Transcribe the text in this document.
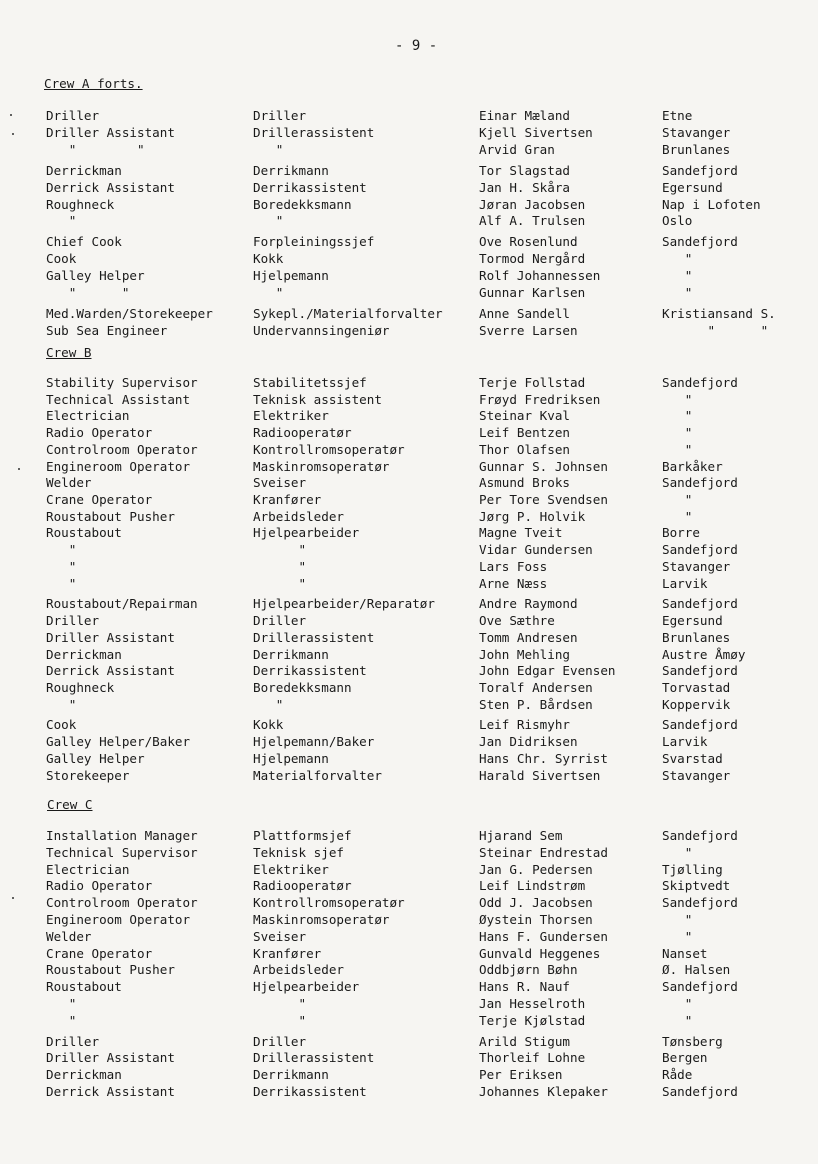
- 9 -
Crew A forts.
Driller	Driller	Einar Mæland	Etne
Driller Assistant	Drillerassistent	Kjell Sivertsen	Stavanger
"        "	"	Arvid Gran	Brunlanes
Derrickman	Derrikmann	Tor Slagstad	Sandefjord
Derrick Assistant	Derrikassistent	Jan H. Skåra	Egersund
Roughneck	Boredekksmann	Jøran Jacobsen	Nap i Lofoten
"	"	Alf A. Trulsen	Oslo
Chief Cook	Forpleiningssjef	Ove Rosenlund	Sandefjord
Cook	Kokk	Tormod Nergård	"
Galley Helper	Hjelpemann	Rolf Johannessen	"
"      "	"	Gunnar Karlsen	"
Med.Warden/Storekeeper	Sykepl./Materialforvalter	Anne Sandell	Kristiansand S.
Sub Sea Engineer	Undervannsingeniør	Sverre Larsen	"      "
Crew B
Stability Supervisor	Stabilitetssjef	Terje Follstad	Sandefjord
Technical Assistant	Teknisk assistent	Frøyd Fredriksen	"
Electrician	Elektriker	Steinar Kval	"
Radio Operator	Radiooperatør	Leif Bentzen	"
Controlroom Operator	Kontrollromsoperatør	Thor Olafsen	"
Engineroom Operator	Maskinromsoperatør	Gunnar S. Johnsen	Barkåker
Welder	Sveiser	Asmund Broks	Sandefjord
Crane Operator	Kranfører	Per Tore Svendsen	"
Roustabout Pusher	Arbeidsleder	Jørg P. Holvik	"
Roustabout	Hjelpearbeider	Magne Tveit	Borre
"	"	Vidar Gundersen	Sandefjord
"	"	Lars Foss	Stavanger
"	"	Arne Næss	Larvik
Roustabout/Repairman	Hjelpearbeider/Reparatør	Andre Raymond	Sandefjord
Driller	Driller	Ove Sæthre	Egersund
Driller Assistant	Drillerassistent	Tomm Andresen	Brunlanes
Derrickman	Derrikmann	John Mehling	Austre Åmøy
Derrick Assistant	Derrikassistent	John Edgar Evensen	Sandefjord
Roughneck	Boredekksmann	Toralf Andersen	Torvastad
"	"	Sten P. Bårdsen	Koppervik
Cook	Kokk	Leif Rismyhr	Sandefjord
Galley Helper/Baker	Hjelpemann/Baker	Jan Didriksen	Larvik
Galley Helper	Hjelpemann	Hans Chr. Syrrist	Svarstad
Storekeeper	Materialforvalter	Harald Sivertsen	Stavanger
Crew C
Installation Manager	Plattformsjef	Hjarand Sem	Sandefjord
Technical Supervisor	Teknisk sjef	Steinar Endrestad	"
Electrician	Elektriker	Jan G. Pedersen	Tjølling
Radio Operator	Radiooperatør	Leif Lindstrøm	Skiptvedt
Controlroom Operator	Kontrollromsoperatør	Odd J. Jacobsen	Sandefjord
Engineroom Operator	Maskinromsoperatør	Øystein Thorsen	"
Welder	Sveiser	Hans F. Gundersen	"
Crane Operator	Kranfører	Gunvald Heggenes	Nanset
Roustabout Pusher	Arbeidsleder	Oddbjørn Bøhn	Ø. Halsen
Roustabout	Hjelpearbeider	Hans R. Nauf	Sandefjord
"	"	Jan Hesselroth	"
"	"	Terje Kjølstad	"
Driller	Driller	Arild Stigum	Tønsberg
Driller Assistant	Drillerassistent	Thorleif Lohne	Bergen
Derrickman	Derrikmann	Per Eriksen	Råde
Derrick Assistant	Derrikassistent	Johannes Klepaker	Sandefjord
